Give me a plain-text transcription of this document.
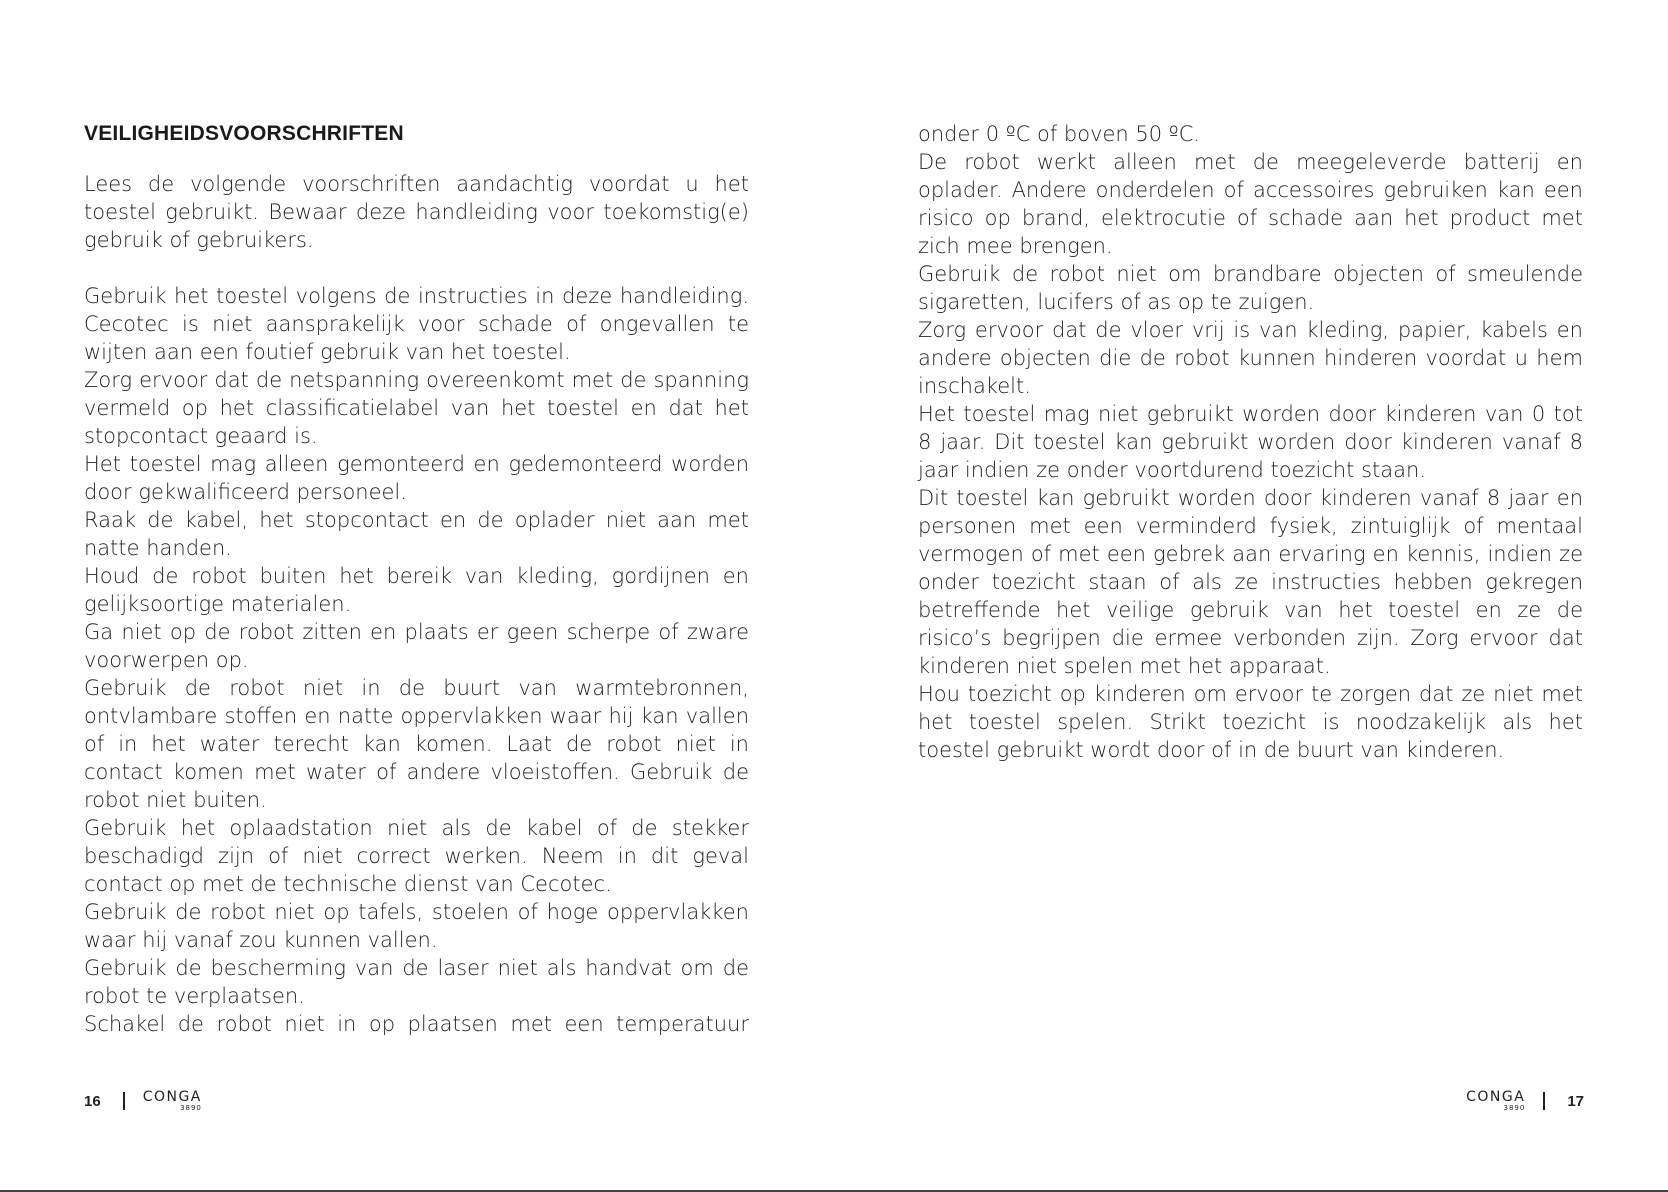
VEILIGHEIDSVOORSCHRIFTEN

Lees de volgende voorschriften aandachtig voordat u het toestel gebruikt. Bewaar deze handleiding voor toekomstig(e) gebruik of gebruikers.

Gebruik het toestel volgens de instructies in deze handleiding. Cecotec is niet aansprakelijk voor schade of ongevallen te wijten aan een foutief gebruik van het toestel.

Zorg ervoor dat de netspanning overeenkomt met de spanning vermeld op het classificatielabel van het toestel en dat het stopcontact geaard is.

Het toestel mag alleen gemonteerd en gedemonteerd worden door gekwalificeerd personeel.

Raak de kabel, het stopcontact en de oplader niet aan met natte handen.

Houd de robot buiten het bereik van kleding, gordijnen en gelijksoortige materialen.

Ga niet op de robot zitten en plaats er geen scherpe of zware voorwerpen op.

Gebruik de robot niet in de buurt van warmtebronnen, ontvlambare stoffen en natte oppervlakken waar hij kan vallen of in het water terecht kan komen. Laat de robot niet in contact komen met water of andere vloeistoffen. Gebruik de robot niet buiten.

Gebruik het oplaadstation niet als de kabel of de stekker beschadigd zijn of niet correct werken. Neem in dit geval contact op met de technische dienst van Cecotec.

Gebruik de robot niet op tafels, stoelen of hoge oppervlakken waar hij vanaf zou kunnen vallen.

Gebruik de bescherming van de laser niet als handvat om de robot te verplaatsen.

Schakel de robot niet in op plaatsen met een temperatuur

onder 0 ºC of boven 50 ºC.

De robot werkt alleen met de meegeleverde batterij en oplader. Andere onderdelen of accessoires gebruiken kan een risico op brand, elektrocutie of schade aan het product met zich mee brengen.

Gebruik de robot niet om brandbare objecten of smeulende sigaretten, lucifers of as op te zuigen.

Zorg ervoor dat de vloer vrij is van kleding, papier, kabels en andere objecten die de robot kunnen hinderen voordat u hem inschakelt.

Het toestel mag niet gebruikt worden door kinderen van 0 tot 8 jaar. Dit toestel kan gebruikt worden door kinderen vanaf 8 jaar indien ze onder voortdurend toezicht staan.

Dit toestel kan gebruikt worden door kinderen vanaf 8 jaar en personen met een verminderd fysiek, zintuiglijk of mentaal vermogen of met een gebrek aan ervaring en kennis, indien ze onder toezicht staan of als ze instructies hebben gekregen betreffende het veilige gebruik van het toestel en ze de risico’s begrijpen die ermee verbonden zijn. Zorg ervoor dat kinderen niet spelen met het apparaat.

Hou toezicht op kinderen om ervoor te zorgen dat ze niet met het toestel spelen. Strikt toezicht is noodzakelijk als het toestel gebruikt wordt door of in de buurt van kinderen.

16	CONGA
3890
CONGA
3890	17
